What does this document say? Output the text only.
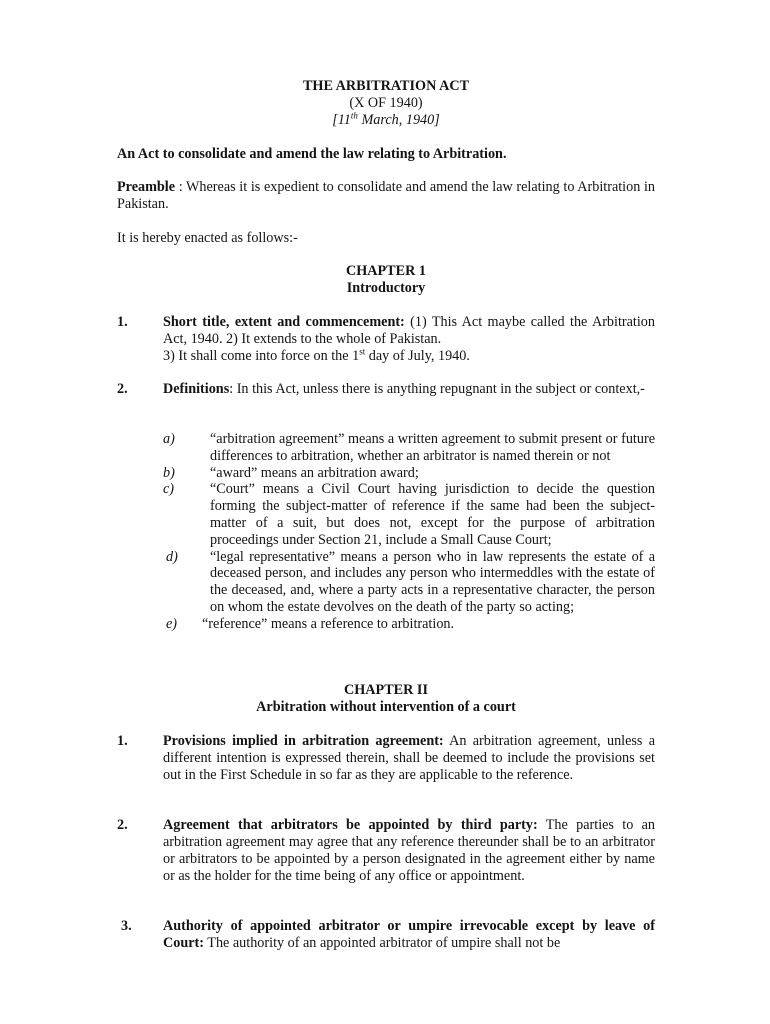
THE ARBITRATION ACT
(X OF 1940)
[11th March, 1940]
An Act to consolidate and amend the law relating to Arbitration.
Preamble : Whereas it is expedient to consolidate and amend the law relating to Arbitration in Pakistan.
It is hereby enacted as follows:-
CHAPTER 1
Introductory
1. Short title, extent and commencement: (1) This Act maybe called the Arbitration Act, 1940. 2) It extends to the whole of Pakistan.
3) It shall come into force on the 1st day of July, 1940.
2. Definitions: In this Act, unless there is anything repugnant in the subject or context,-
a) “arbitration agreement” means a written agreement to submit present or future differences to arbitration, whether an arbitrator is named therein or not
b) “award” means an arbitration award;
c)	“Court” means a Civil Court having jurisdiction to decide the question forming the subject-matter of reference if the same had been the subject-matter of a suit, but does not, except for the purpose of arbitration proceedings under Section 21, include a Small Cause Court;
d) “legal representative” means a person who in law represents the estate of a deceased person, and includes any person who intermeddles with the estate of the deceased, and, where a party acts in a representative character, the person on whom the estate devolves on the death of the party so acting;
e) “reference” means a reference to arbitration.
CHAPTER II
Arbitration without intervention of a court
1. Provisions implied in arbitration agreement: An arbitration agreement, unless a different intention is expressed therein, shall be deemed to include the provisions set out in the First Schedule in so far as they are applicable to the reference.
2. Agreement that arbitrators be appointed by third party: The parties to an arbitration agreement may agree that any reference thereunder shall be to an arbitrator or arbitrators to be appointed by a person designated in the agreement either by name or as the holder for the time being of any office or appointment.
3. Authority of appointed arbitrator or umpire irrevocable except by leave of Court: The authority of an appointed arbitrator of umpire shall not be
